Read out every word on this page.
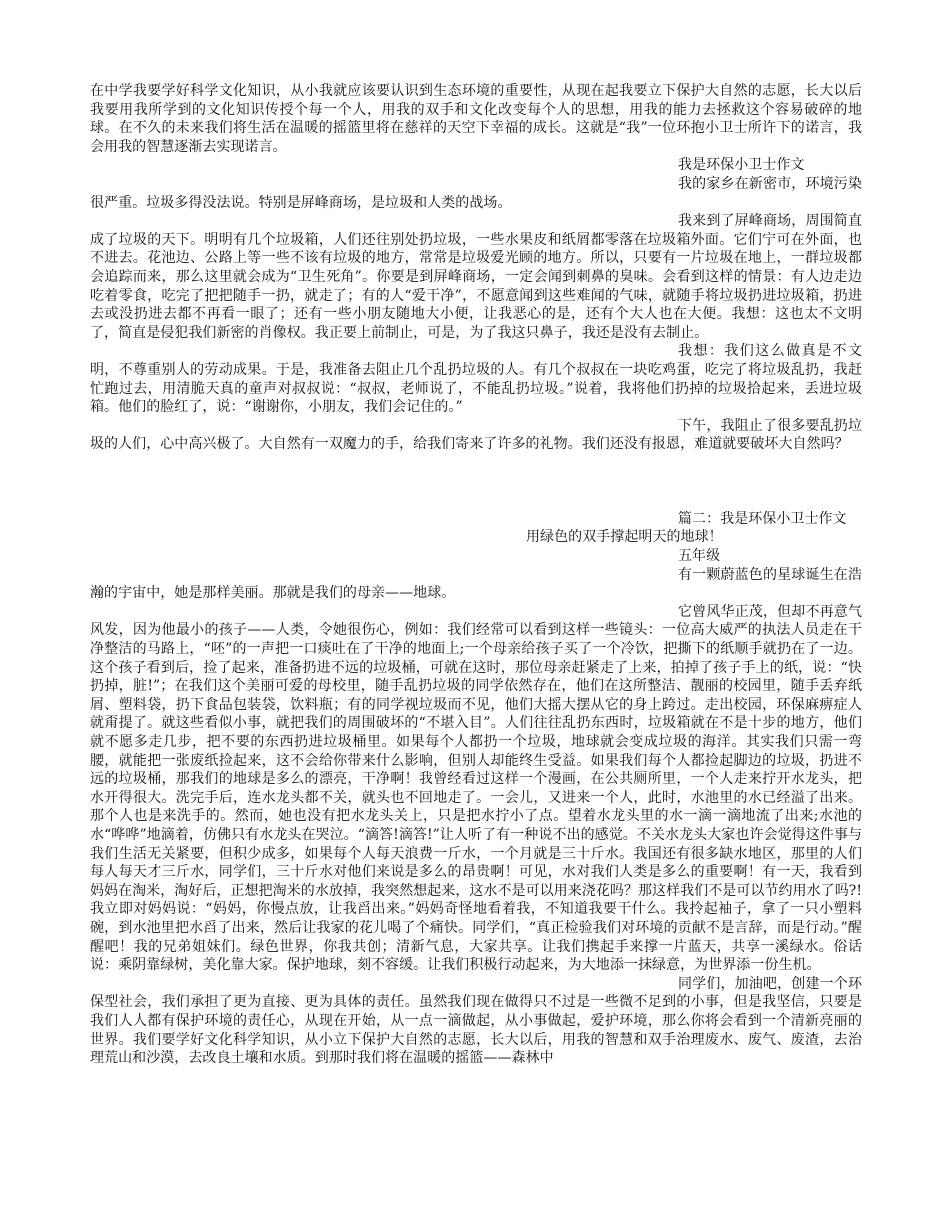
在中学我要学好科学文化知识，从小我就应该要认识到生态环境的重要性，从现在起我要立下保护大自然的志愿，长大以后我要用我所学到的文化知识传授个每一个人，用我的双手和文化改变每个人的思想，用我的能力去拯救这个容易破碎的地球。在不久的未来我们将生活在温暖的摇篮里将在慈祥的天空下幸福的成长。这就是“我”一位环抱小卫士所许下的诺言，我会用我的智慧逐渐去实现诺言。

我是环保小卫士作文

我的家乡在新密市，环境污染很严重。垃圾多得没法说。特别是屏峰商场，是垃圾和人类的战场。

我来到了屏峰商场，周围简直成了垃圾的天下。明明有几个垃圾箱，人们还往别处扔垃圾，一些水果皮和纸屑都零落在垃圾箱外面。它们宁可在外面，也不进去。花池边、公路上等一些不该有垃圾的地方，常常是垃圾爱光顾的地方。所以，只要有一片垃圾在地上，一群垃圾都会追踪而来，那么这里就会成为“卫生死角”。你要是到屏峰商场，一定会闻到刺鼻的臭味。会看到这样的情景：有人边走边吃着零食，吃完了把把随手一扔，就走了；有的人“爱干净”，不愿意闻到这些难闻的气味，就随手将垃圾扔进垃圾箱，扔进去或没扔进去都不再看一眼了；还有一些小朋友随地大小便，让我恶心的是，还有个大人也在大便。我想：这也太不文明了，简直是侵犯我们新密的肖像权。我正要上前制止，可是，为了我这只鼻子，我还是没有去制止。

我想：我们这么做真是不文明，不尊重别人的劳动成果。于是，我准备去阻止几个乱扔垃圾的人。有几个叔叔在一块吃鸡蛋，吃完了将垃圾乱扔，我赶忙跑过去，用清脆天真的童声对叔叔说：“叔叔，老师说了，不能乱扔垃圾。”说着，我将他们扔掉的垃圾拾起来，丢进垃圾箱。他们的脸红了，说：“谢谢你，小朋友，我们会记住的。”

下午，我阻止了很多要乱扔垃圾的人们，心中高兴极了。大自然有一双魔力的手，给我们寄来了许多的礼物。我们还没有报恩，难道就要破坏大自然吗？

篇二：我是环保小卫士作文

用绿色的双手撑起明天的地球！

五年级

有一颗蔚蓝色的星球诞生在浩瀚的宇宙中，她是那样美丽。那就是我们的母亲——地球。

它曾风华正茂，但却不再意气风发，因为他最小的孩子——人类，令她很伤心，例如：我们经常可以看到这样一些镜头：一位高大威严的执法人员走在干净整洁的马路上，“呸”的一声把一口痰吐在了干净的地面上;一个母亲给孩子买了一个冷饮，把撕下的纸顺手就扔在了一边。这个孩子看到后，捡了起来，准备扔进不远的垃圾桶，可就在这时，那位母亲赶紧走了上来，拍掉了孩子手上的纸，说：“快扔掉，脏!”；在我们这个美丽可爱的母校里，随手乱扔垃圾的同学依然存在，他们在这所整洁、靓丽的校园里，随手丢弃纸屑、塑料袋，扔下食品包装袋，饮料瓶；有的同学视垃圾而不见，他们大摇大摆从它的身上跨过。走出校园，环保麻痹症人就甭提了。就这些看似小事，就把我们的周围破坏的“不堪入目”。人们往往乱扔东西时，垃圾箱就在不是十步的地方，他们就不愿多走几步，把不要的东西扔进垃圾桶里。如果每个人都扔一个垃圾，地球就会变成垃圾的海洋。其实我们只需一弯腰，就能把一张废纸捡起来，这不会给你带来什么影响，但别人却能终生受益。如果我们每个人都捡起脚边的垃圾，扔进不远的垃圾桶，那我们的地球是多么的漂亮，干净啊！我曾经看过这样一个漫画，在公共厕所里，一个人走来拧开水龙头，把水开得很大。洗完手后，连水龙头都不关，就头也不回地走了。一会儿，又进来一个人，此时，水池里的水已经溢了出来。那个人也是来洗手的。然而，她也没有把水龙头关上，只是把水拧小了点。望着水龙头里的水一滴一滴地流了出来;水池的水“哗哗”地滴着，仿佛只有水龙头在哭泣。“滴答!滴答!”让人听了有一种说不出的感觉。不关水龙头大家也许会觉得这件事与我们生活无关紧要，但积少成多，如果每个人每天浪费一斤水，一个月就是三十斤水。我国还有很多缺水地区，那里的人们每人每天才三斤水，同学们，三十斤水对他们来说是多么的昂贵啊！可见，水对我们人类是多么的重要啊！有一天，我看到妈妈在淘米，淘好后，正想把淘米的水放掉，我突然想起来，这水不是可以用来浇花吗？那这样我们不是可以节约用水了吗?!我立即对妈妈说：“妈妈，你慢点放，让我舀出来。”妈妈奇怪地看着我，不知道我要干什么。我拎起袖子，拿了一只小塑料碗，到水池里把水舀了出来，然后让我家的花儿喝了个痛快。同学们，“真正检验我们对环境的贡献不是言辞，而是行动。”醒醒吧！我的兄弟姐妹们。绿色世界，你我共创；清新气息，大家共享。让我们携起手来撑一片蓝天，共享一溪绿水。俗话说：乘阴靠绿树，美化靠大家。保护地球，刻不容缓。让我们积极行动起来，为大地添一抹绿意，为世界添一份生机。

同学们，加油吧，创建一个环保型社会，我们承担了更为直接、更为具体的责任。虽然我们现在做得只不过是一些微不足到的小事，但是我坚信，只要是我们人人都有保护环境的责任心，从现在开始，从一点一滴做起，从小事做起，爱护环境，那么你将会看到一个清新亮丽的世界。我们要学好文化科学知识，从小立下保护大自然的志愿，长大以后，用我的智慧和双手治理废水、废气、废渣，去治理荒山和沙漠，去改良土壤和水质。到那时我们将在温暖的摇篮——森林中
